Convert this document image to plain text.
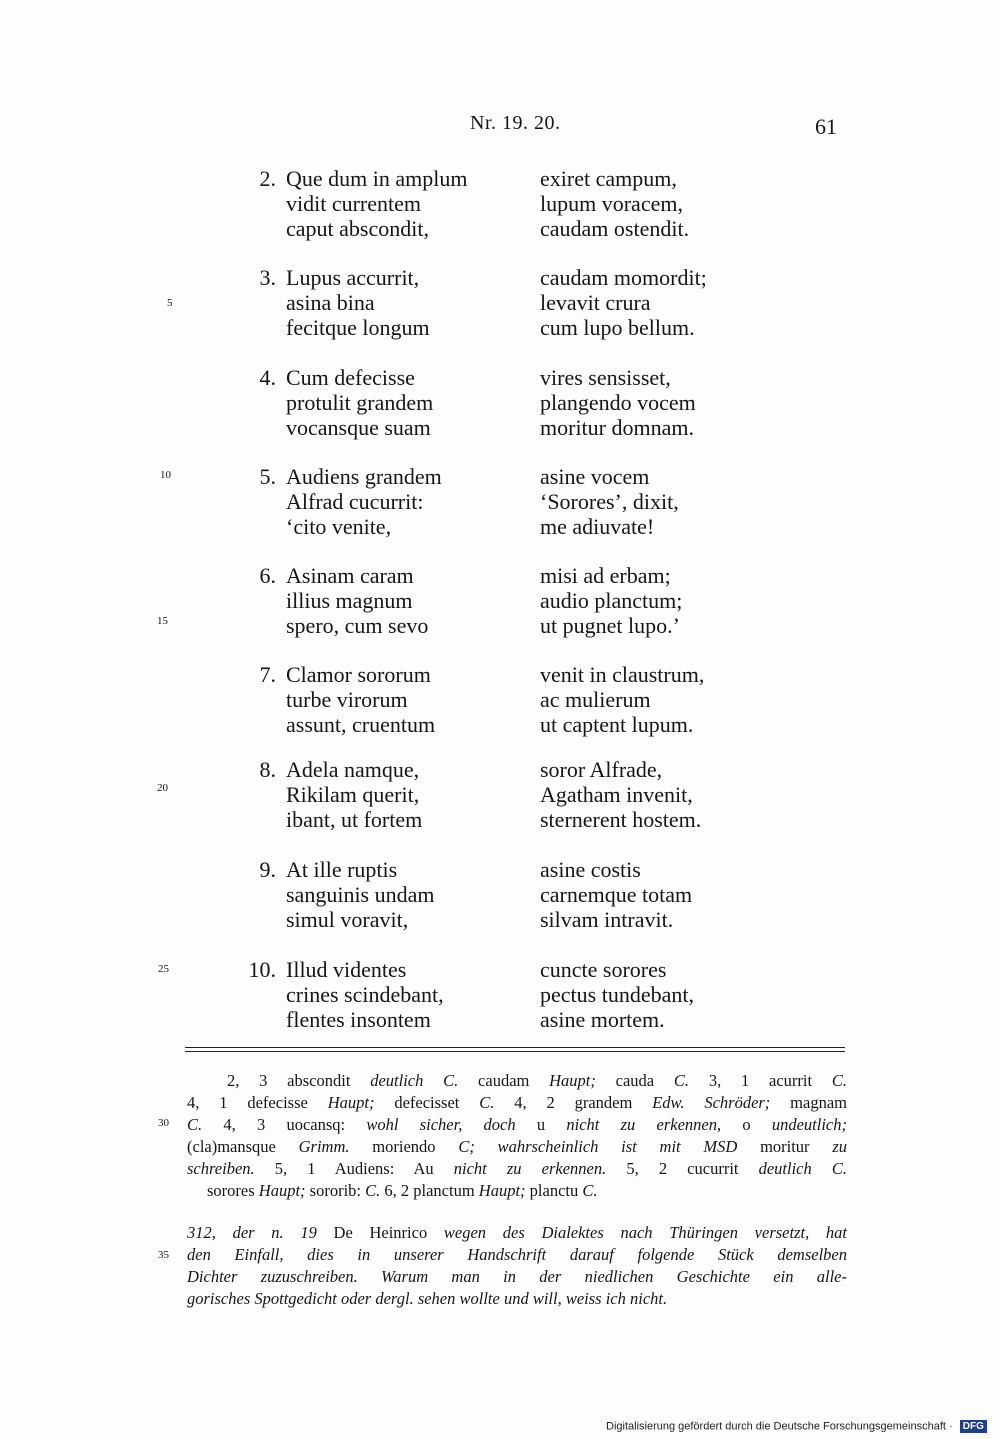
Nr. 19. 20.	61
2. Que dum in amplum
vidit currentem
caput abscondit,
exiret campum,
lupum voracem,
caudam ostendit.
3. Lupus accurrit,
asina bina
fecitque longum
caudam momordit;
levavit crura
cum lupo bellum.
4. Cum defecisse
protulit grandem
vocansque suam
vires sensisset,
plangendo vocem
moritur domnam.
5. Audiens grandem
Alfrad cucurrit:
‘cito venite,
asine vocem
‘Sorores’, dixit,
me adiuvate!
6. Asinam caram
illius magnum
spero, cum sevo
misi ad erbam;
audio planctum;
ut pugnet lupo.’
7. Clamor sororum
turbe virorum
assunt, cruentum
venit in claustrum,
ac mulierum
ut captent lupum.
8. Adela namque,
Rikilam querit,
ibant, ut fortem
soror Alfrade,
Agatham invenit,
sternerent hostem.
9. At ille ruptis
sanguinis undam
simul voravit,
asine costis
carnemque totam
silvam intravit.
10. Illud videntes
crines scindebant,
flentes insontem
cuncte sorores
pectus tundebant,
asine mortem.
5
10
15
20
25
30
35
2, 3 abscondit deutlich C. caudam Haupt; cauda C. 3, 1 acurrit C.
4, 1 defecisse Haupt; defecisset C. 4, 2 grandem Edw. Schröder; magnam
C. 4, 3 uocansq: wohl sicher, doch u nicht zu erkennen, o undeutlich;
(cla)mansque Grimm. moriendo C; wahrscheinlich ist mit MSD moritur zu
schreiben. 5, 1 Audiens: Au nicht zu erkennen. 5, 2 cucurrit deutlich C.
sorores Haupt; sororib: C. 6, 2 planctum Haupt; planctu C.
312, der n. 19 De Heinrico wegen des Dialektes nach Thüringen versetzt, hat
den Einfall, dies in unserer Handschrift darauf folgende Stück demselben
Dichter zuzuschreiben. Warum man in der niedlichen Geschichte ein alle-
gorisches Spottgedicht oder dergl. sehen wollte und will, weiss ich nicht.
Digitalisierung gefördert durch die Deutsche Forschungsgemeinschaft · DFG
